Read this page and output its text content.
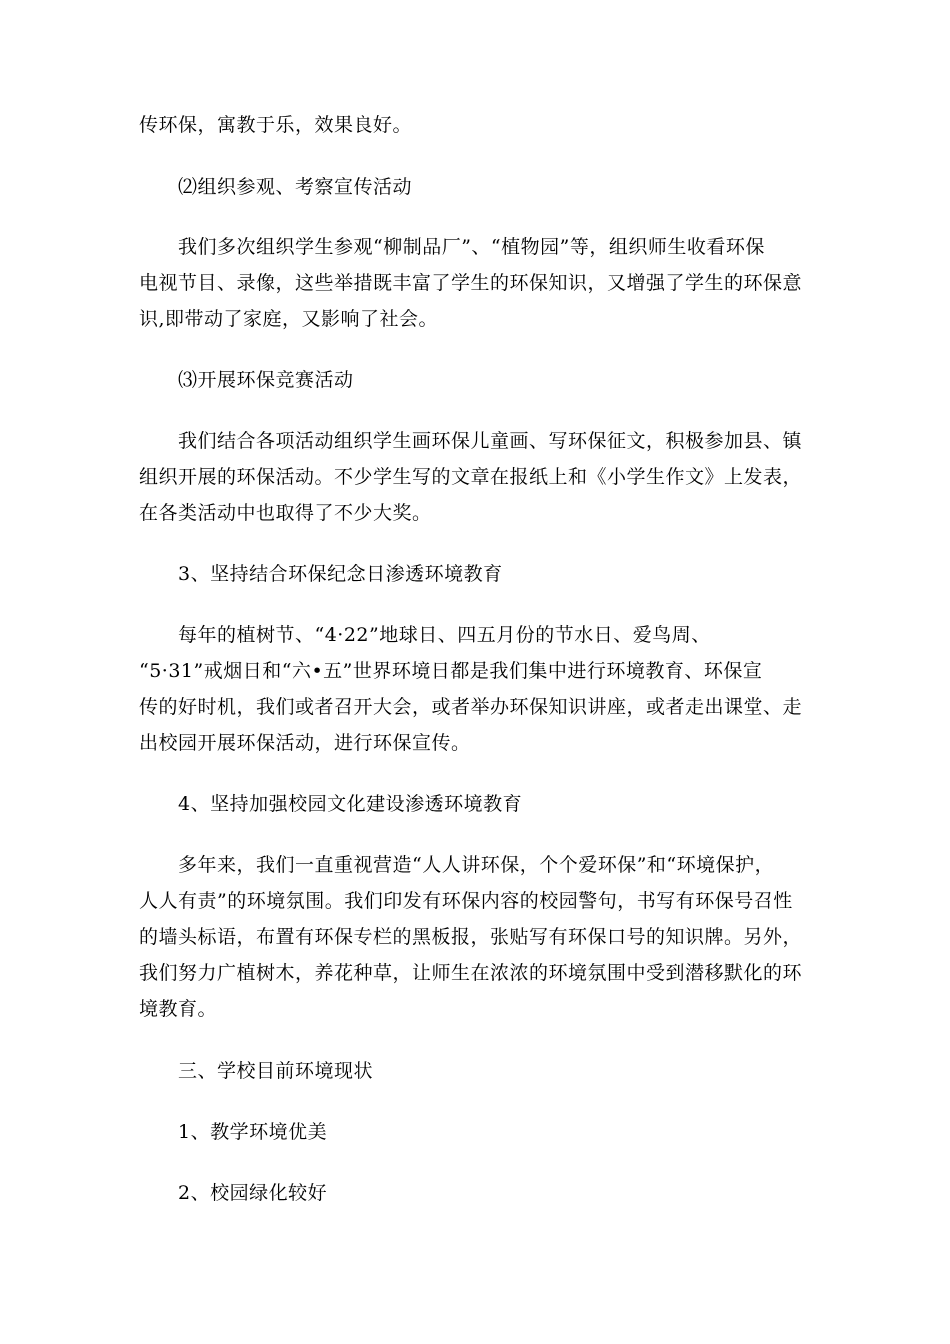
传环保，寓教于乐，效果良好。
⑵组织参观、考察宣传活动
我们多次组织学生参观“柳制品厂”、“植物园”等，组织师生收看环保
电视节目、录像，这些举措既丰富了学生的环保知识，又增强了学生的环保意
识,即带动了家庭，又影响了社会。
⑶开展环保竞赛活动
我们结合各项活动组织学生画环保儿童画、写环保征文，积极参加县、镇
组织开展的环保活动。不少学生写的文章在报纸上和《小学生作文》上发表，
在各类活动中也取得了不少大奖。
3、坚持结合环保纪念日渗透环境教育
每年的植树节、“4·22”地球日、四五月份的节水日、爱鸟周、
“5·31”戒烟日和“六•五”世界环境日都是我们集中进行环境教育、环保宣
传的好时机，我们或者召开大会，或者举办环保知识讲座，或者走出课堂、走
出校园开展环保活动，进行环保宣传。
4、坚持加强校园文化建设渗透环境教育
多年来，我们一直重视营造“人人讲环保，个个爱环保”和“环境保护，
人人有责”的环境氛围。我们印发有环保内容的校园警句，书写有环保号召性
的墙头标语，布置有环保专栏的黑板报，张贴写有环保口号的知识牌。另外，
我们努力广植树木，养花种草，让师生在浓浓的环境氛围中受到潜移默化的环
境教育。
三、学校目前环境现状
1、教学环境优美
2、校园绿化较好
